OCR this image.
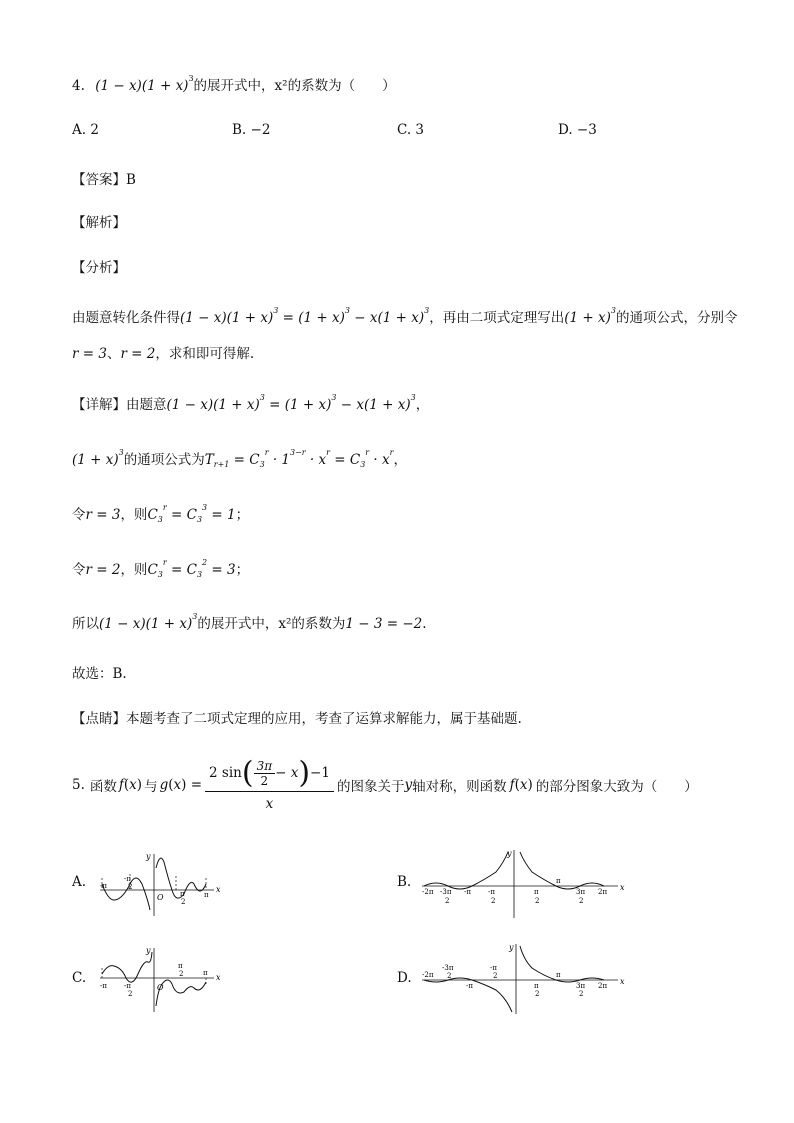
4. $(1 - x)(1 + x)^3$的展开式中，x²的系数为（　　）
A. 2	B. −2	C. 3	D. −3
【答案】B
【解析】
【分析】
由题意转化条件得$(1 - x)(1 + x)^3 = (1 + x)^3 - x(1 + x)^3$，再由二项式定理写出$(1 + x)^3$的通项公式，分别令
r = 3、r = 2，求和即可得解.
【详解】由题意$(1 - x)(1 + x)^3 = (1 + x)^3 - x(1 + x)^3$，
$(1 + x)^3$的通项公式为$T_{r+1} = C_3^r \cdot 1^{3-r} \cdot x^r = C_3^r \cdot x^r$，
令r = 3，则$C_3^r = C_3^3 = 1$；
令r = 2，则$C_3^r = C_3^2 = 3$；
所以$(1 - x)(1 + x)^3$的展开式中，x²的系数为1 − 3 = −2.
故选：B.
【点睛】本题考查了二项式定理的应用，考查了运算求解能力，属于基础题.
5. 函数 f(x) 与 $g(x) = \frac{2 \sin( \frac{3\pi}{2} - x)-1}{x}$ 的图象关于 y 轴对称，则函数 f(x) 的部分图象大致为（　　）
A.	B.
C.	D.
y
x
O
-π
-π
2
π
2
π
y
x
-2π -3π
2
-π -π
2
π
2
π
3π
2
2π
y
x
O
-π -π
2
π
2	π
y
x
-2π
-3π
2
-π
-π
2
π
2
π
3π
2
2π
